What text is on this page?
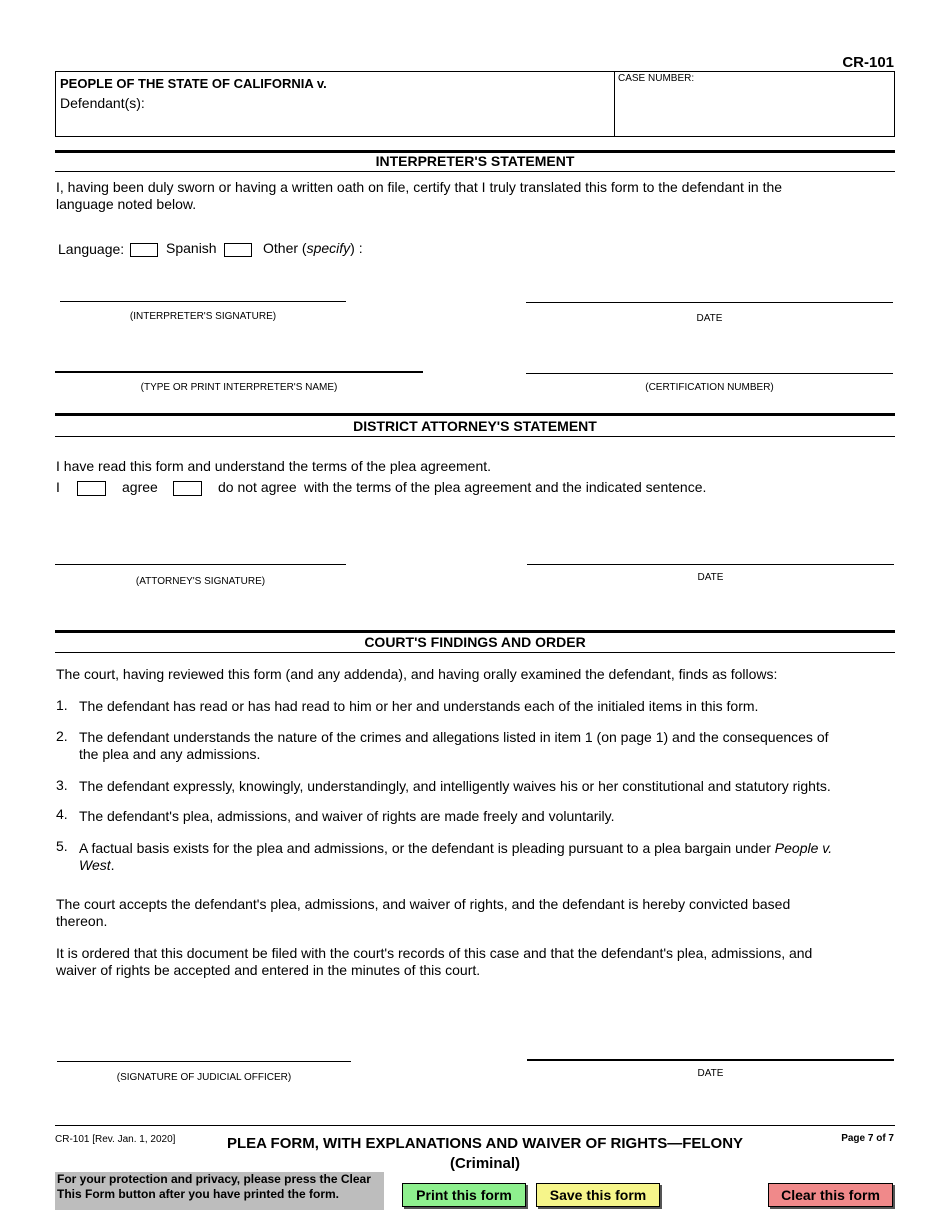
CR-101
PEOPLE OF THE STATE OF CALIFORNIA v.
Defendant(s):
CASE NUMBER:
INTERPRETER'S STATEMENT
I, having been duly sworn or having a written oath on file, certify that I truly translated this form to the defendant in the language noted below.
Language:	Spanish	Other (specify) :
(INTERPRETER'S SIGNATURE)	DATE
(TYPE OR PRINT INTERPRETER'S NAME)	(CERTIFICATION NUMBER)
DISTRICT ATTORNEY'S STATEMENT
I have read this form and understand the terms of the plea agreement.
I	agree	do not agree with the terms of the plea agreement and the indicated sentence.
(ATTORNEY'S SIGNATURE)	DATE
COURT'S FINDINGS AND ORDER
The court, having reviewed this form (and any addenda), and having orally examined the defendant, finds as follows:
1. The defendant has read or has had read to him or her and understands each of the initialed items in this form.
2. The defendant understands the nature of the crimes and allegations listed in item 1 (on page 1) and the consequences of the plea and any admissions.
3. The defendant expressly, knowingly, understandingly, and intelligently waives his or her constitutional and statutory rights.
4. The defendant's plea, admissions, and waiver of rights are made freely and voluntarily.
5. A factual basis exists for the plea and admissions, or the defendant is pleading pursuant to a plea bargain under People v. West.
The court accepts the defendant's plea, admissions, and waiver of rights, and the defendant is hereby convicted based thereon.
It is ordered that this document be filed with the court's records of this case and that the defendant's plea, admissions, and waiver of rights be accepted and entered in the minutes of this court.
(SIGNATURE OF JUDICIAL OFFICER)	DATE
CR-101 [Rev. Jan. 1, 2020]	PLEA FORM, WITH EXPLANATIONS AND WAIVER OF RIGHTS—FELONY
(Criminal)
Page 7 of 7
For your protection and privacy, please press the Clear This Form button after you have printed the form.	Print this form	Save this form	Clear this form
